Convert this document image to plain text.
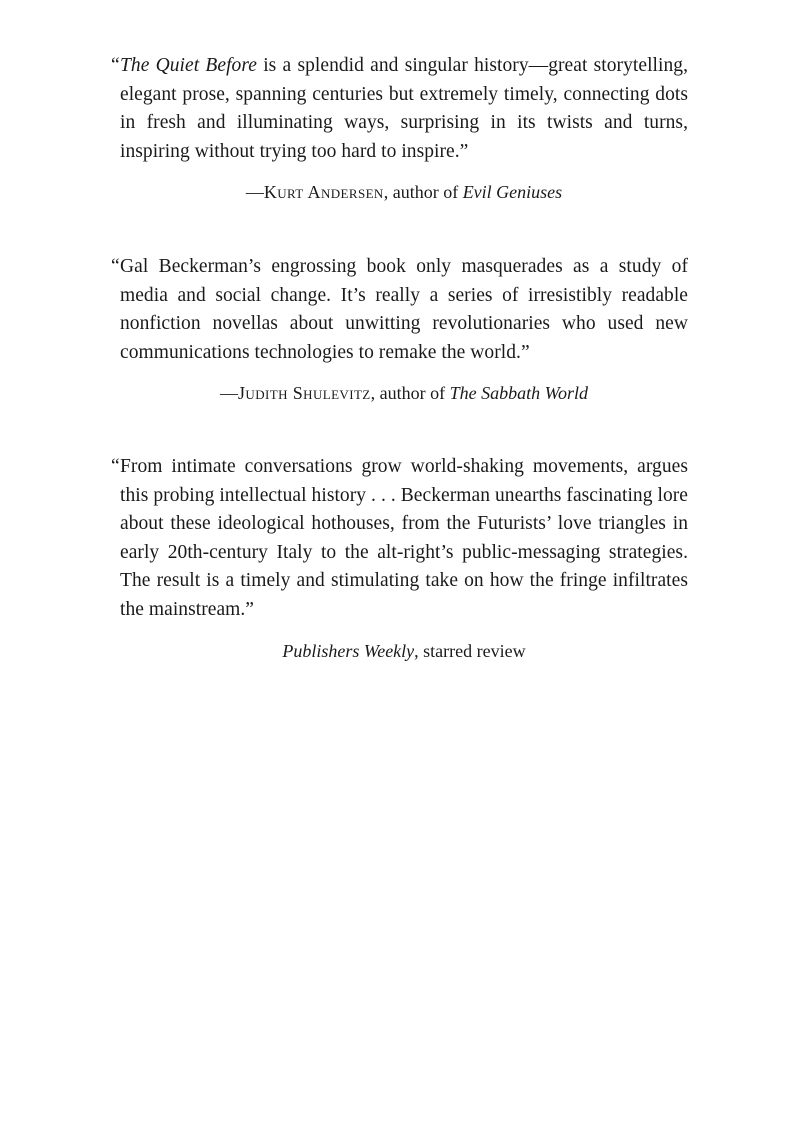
“The Quiet Before is a splendid and singular history—great storytelling, elegant prose, spanning centuries but extremely timely, connecting dots in fresh and illuminating ways, surprising in its twists and turns, inspiring without trying too hard to inspire.”

—Kurt Andersen, author of Evil Geniuses

“Gal Beckerman’s engrossing book only masquerades as a study of media and social change. It’s really a series of irresistibly readable nonfiction novellas about unwitting revolutionaries who used new communications technologies to remake the world.”

—Judith Shulevitz, author of The Sabbath World

“From intimate conversations grow world-shaking movements, argues this probing intellectual history . . . Beckerman unearths fascinating lore about these ideological hothouses, from the Futurists’ love triangles in early 20th-century Italy to the alt-right’s public-messaging strategies. The result is a timely and stimulating take on how the fringe infiltrates the mainstream.”

Publishers Weekly, starred review
